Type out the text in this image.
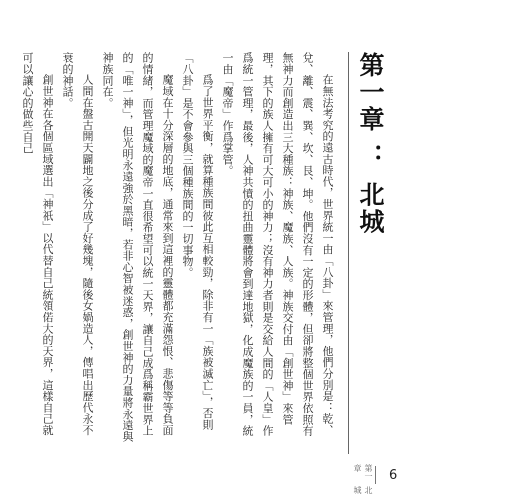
第一章 ： 北城

在無法考究的遠古時代，世界統一由「八卦」來管理，他們分別是：乾、兌、離、震、巽、坎、艮、坤。他們沒有一定的形體，但卻將整個世界依照有無神力而創造出三大種族：神族、魔族、人族。神族交付由「創世神」來管理，其下的族人擁有可大可小的神力；沒有神力者則是交給人間的「人皇」作爲統一管理，最後，人神共憤的扭曲靈體將會到達地獄，化成魔族的一員，統一由「魔帝」作爲掌管。

爲了世界平衡，就算種族間彼此互相較勁，除非有一「族被滅亡」，否則「八卦」是不會參與三個種族間的一切事物。

魔域在十分深層的地底，通常來到這裡的靈體都充滿怨恨、悲傷等等負面的情緒，而管理魔域的魔帝一直很希望可以統一天界，讓自己成爲稱霸世界上的「唯一神」，但光明永遠強於黑暗，若非心智被迷惑，創世神的力量將永遠與神族同在。

人間在盤古開天闢地之後分成了好幾塊，隨後女媧造人，傳唱出歷代永不衰的神話。

創世神在各個區域選出「神祇」以代替自己統領偌大的天界，這樣自己就可以讓心的做些自己

第一章
北城
6
